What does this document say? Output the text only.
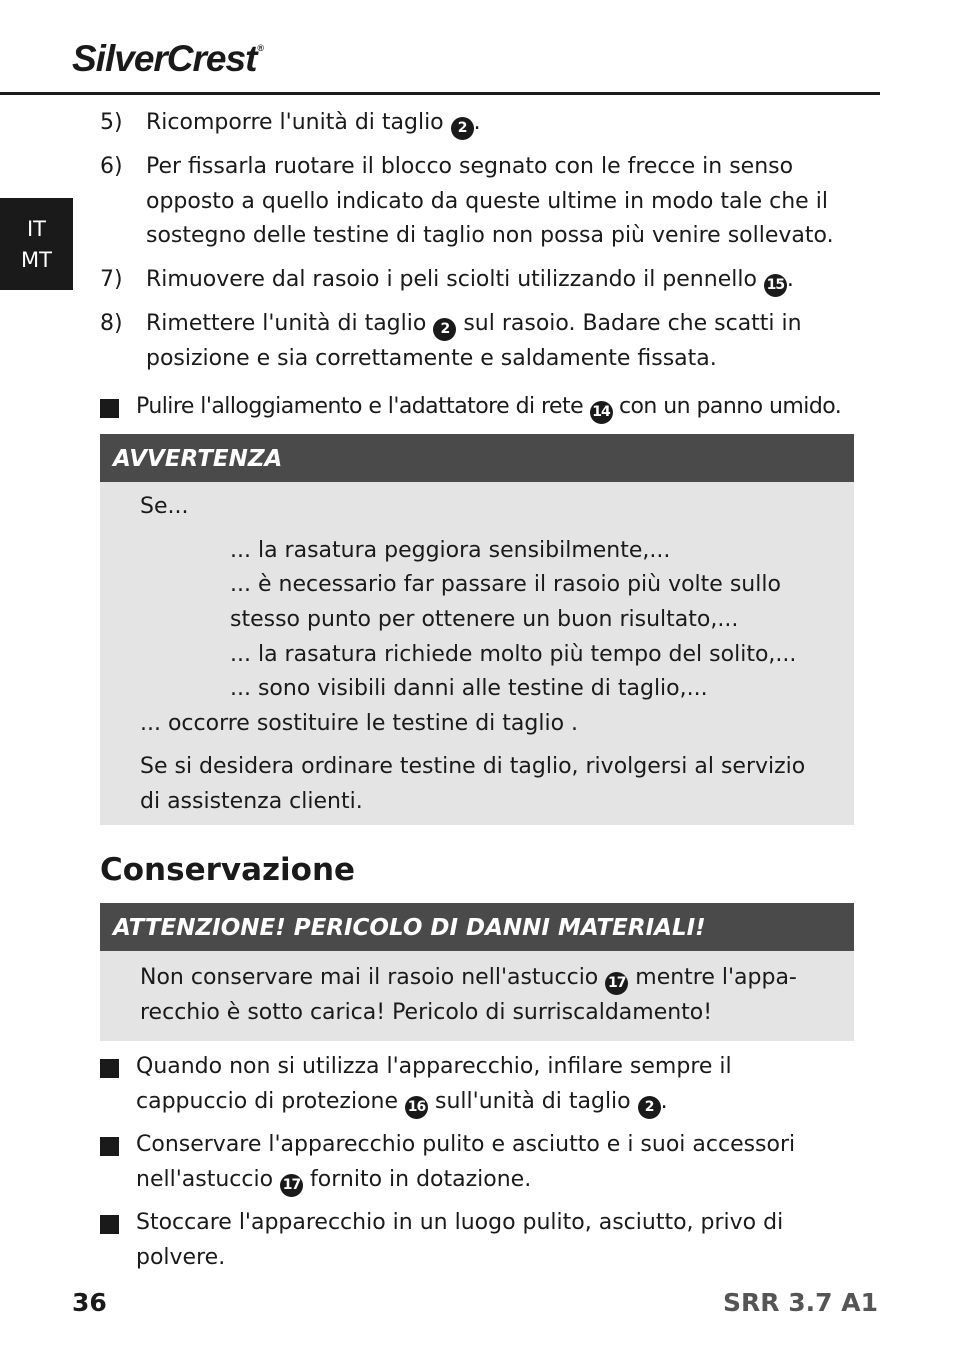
SilverCrest®
IT
MT
5) Ricomporre l'unità di taglio 2 .
6) Per fissarla ruotare il blocco segnato con le frecce in senso opposto a quello indicato da queste ultime in modo tale che il sostegno delle testine di taglio non possa più venire sollevato.
7) Rimuovere dal rasoio i peli sciolti utilizzando il pennello 15 .
8) Rimettere l'unità di taglio 2 sul rasoio. Badare che scatti in posizione e sia correttamente e saldamente fissata.
Pulire l'alloggiamento e l'adattatore di rete 14 con un panno umido.
AVVERTENZA
Se...
... la rasatura peggiora sensibilmente,...
... è necessario far passare il rasoio più volte sullo
stesso punto per ottenere un buon risultato,...
... la rasatura richiede molto più tempo del solito,...
... sono visibili danni alle testine di taglio,...
... occorre sostituire le testine di taglio .
Se si desidera ordinare testine di taglio, rivolgersi al servizio
di assistenza clienti.
Conservazione
ATTENZIONE! PERICOLO DI DANNI MATERIALI!
Non conservare mai il rasoio nell'astuccio 17 mentre l'appa-
recchio è sotto carica! Pericolo di surriscaldamento!
Quando non si utilizza l'apparecchio, infilare sempre il cappuccio di protezione 16 sull'unità di taglio 2 .
Conservare l'apparecchio pulito e asciutto e i suoi accessori nell'astuccio 17 fornito in dotazione.
Stoccare l'apparecchio in un luogo pulito, asciutto, privo di polvere.
36	SRR 3.7 A1
